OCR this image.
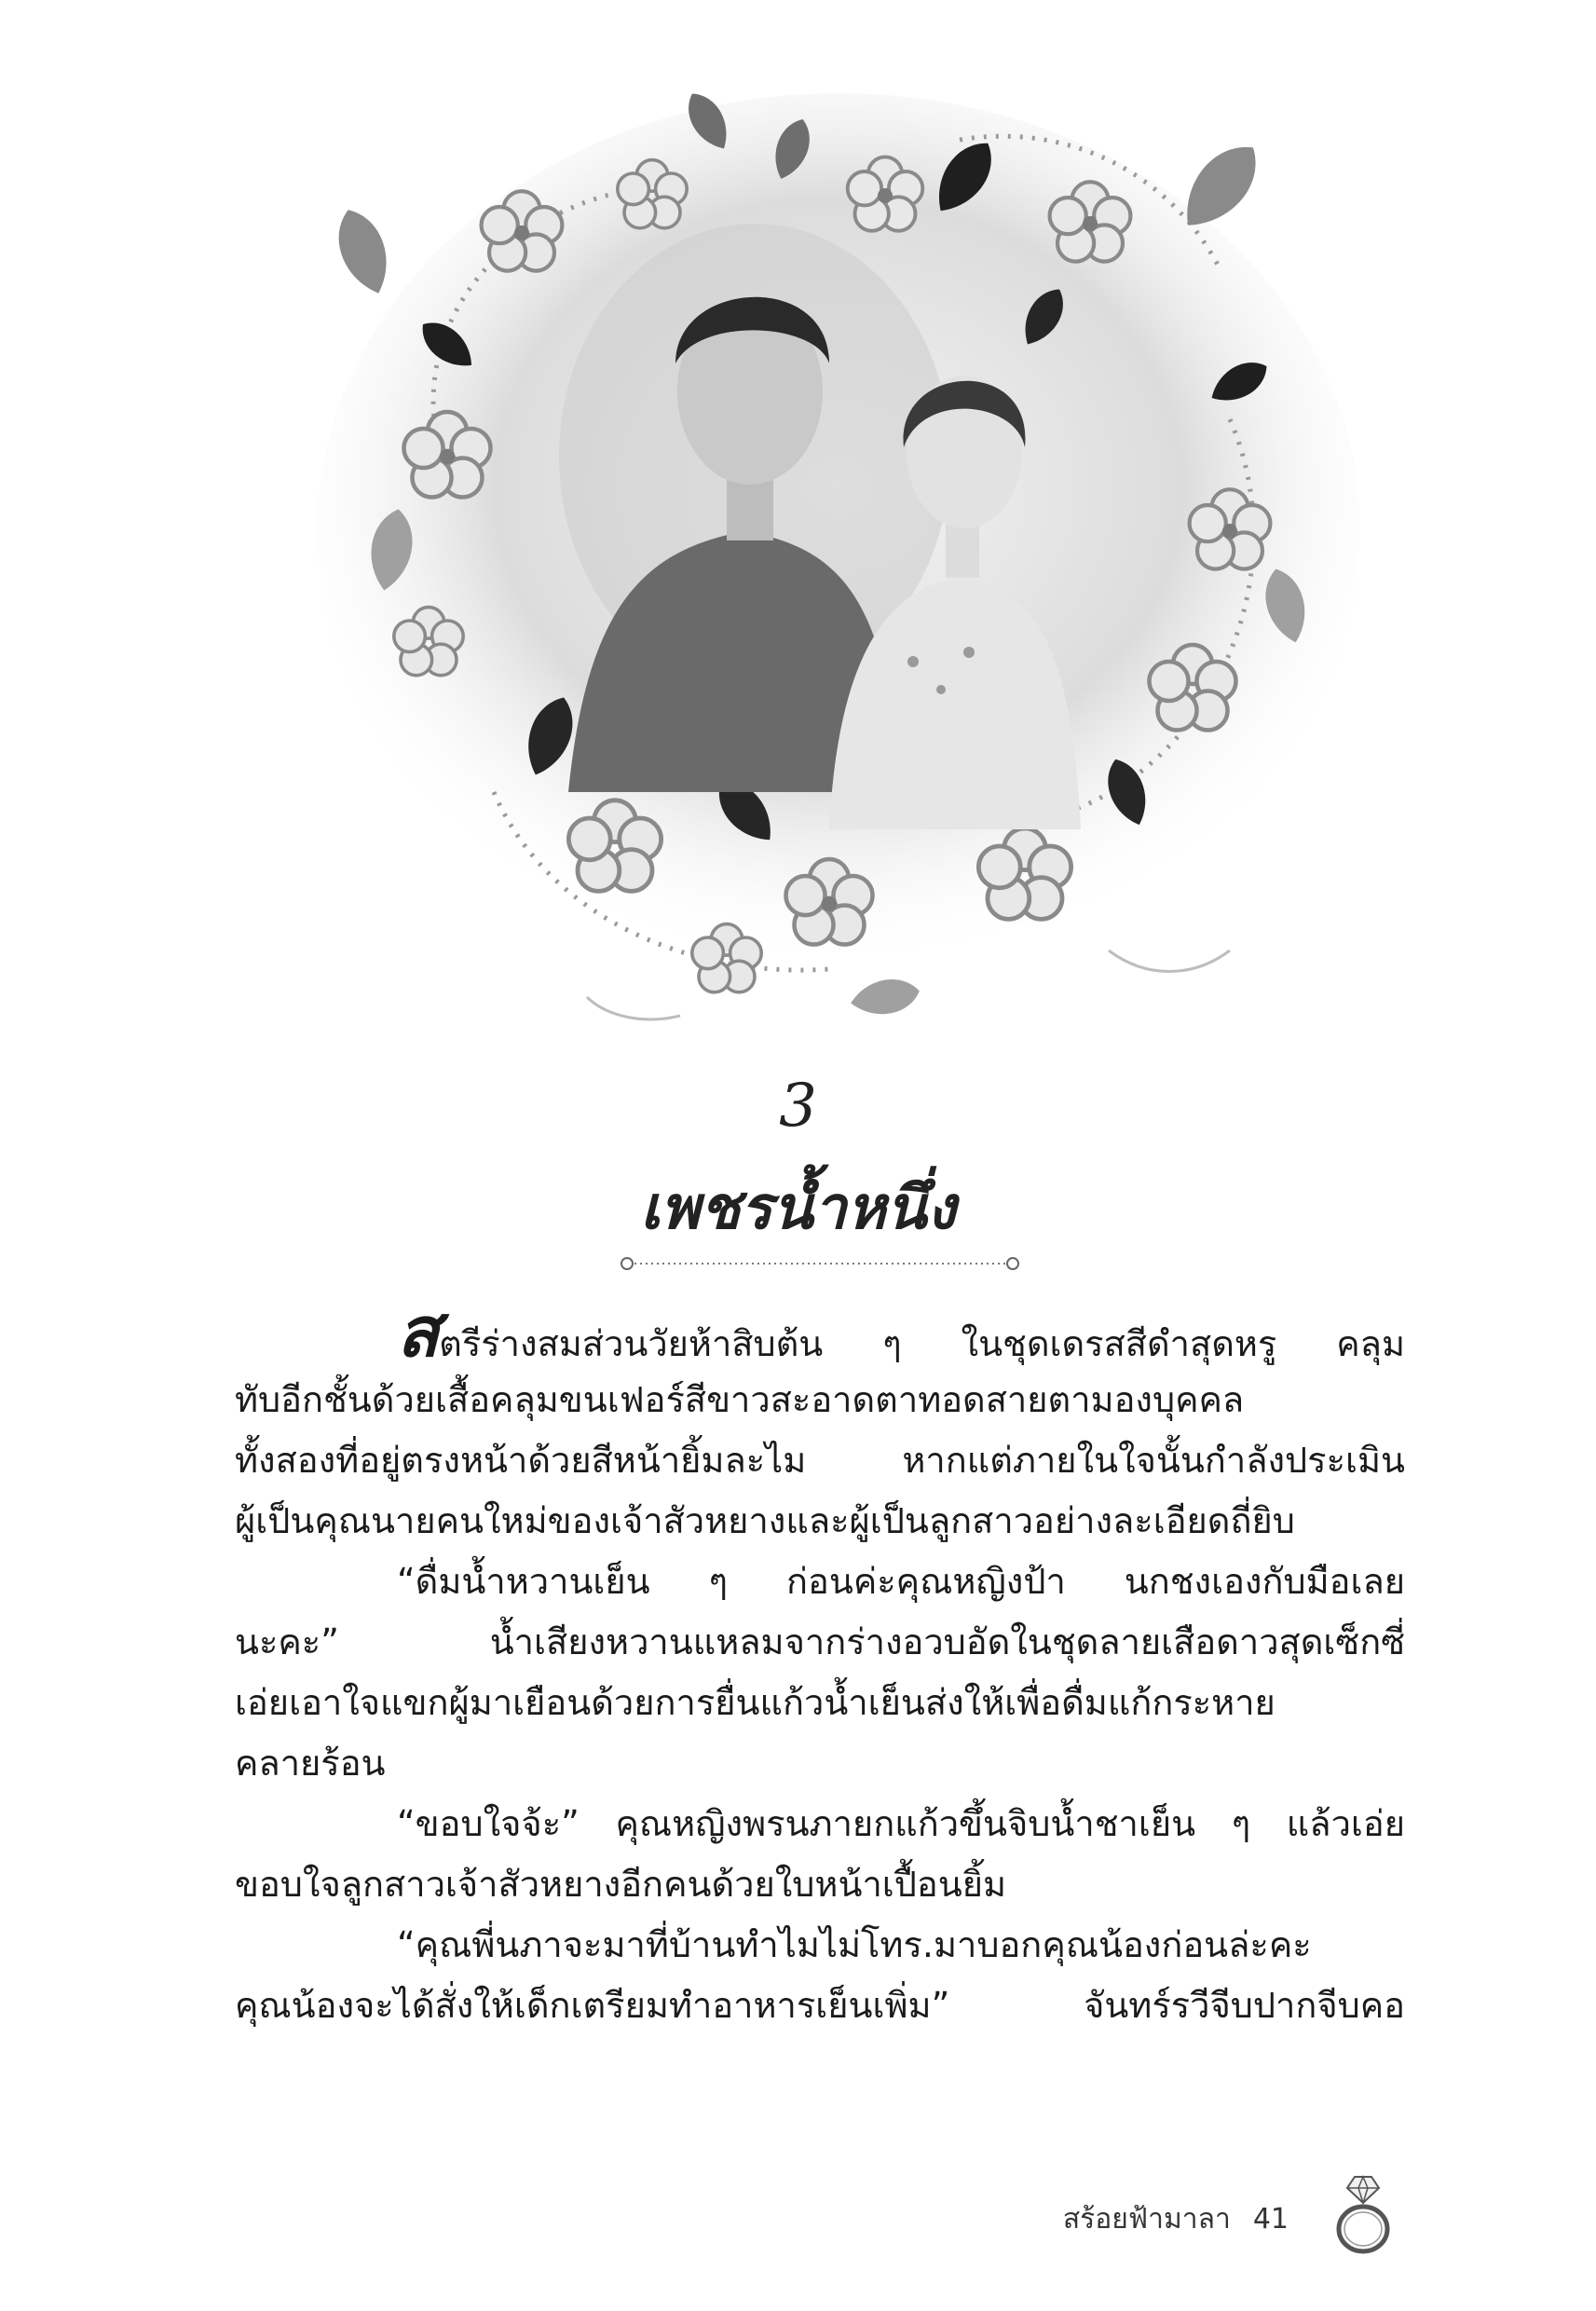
3
เพชรน้ำหนึ่ง
สตรีร่างสมส่วนวัยห้าสิบต้น ๆ ในชุดเดรสสีดำสุดหรู คลุม
ทับอีกชั้นด้วยเสื้อคลุมขนเฟอร์สีขาวสะอาดตาทอดสายตามองบุคคล
ทั้งสองที่อยู่ตรงหน้าด้วยสีหน้ายิ้มละไม หากแต่ภายในใจนั้นกำลังประเมิน
ผู้เป็นคุณนายคนใหม่ของเจ้าสัวหยางและผู้เป็นลูกสาวอย่างละเอียดถี่ยิบ
“ดื่มน้ำหวานเย็น ๆ ก่อนค่ะคุณหญิงป้า นกชงเองกับมือเลย
นะคะ” น้ำเสียงหวานแหลมจากร่างอวบอัดในชุดลายเสือดาวสุดเซ็กซี่
เอ่ยเอาใจแขกผู้มาเยือนด้วยการยื่นแก้วน้ำเย็นส่งให้เพื่อดื่มแก้กระหาย
คลายร้อน
“ขอบใจจ้ะ” คุณหญิงพรนภายกแก้วขึ้นจิบน้ำชาเย็น ๆ แล้วเอ่ย
ขอบใจลูกสาวเจ้าสัวหยางอีกคนด้วยใบหน้าเปื้อนยิ้ม
“คุณพี่นภาจะมาที่บ้านทำไมไม่โทร.มาบอกคุณน้องก่อนล่ะคะ
คุณน้องจะได้สั่งให้เด็กเตรียมทำอาหารเย็นเพิ่ม” จันทร์รวีจีบปากจีบคอ
สร้อยฟ้ามาลา 41
